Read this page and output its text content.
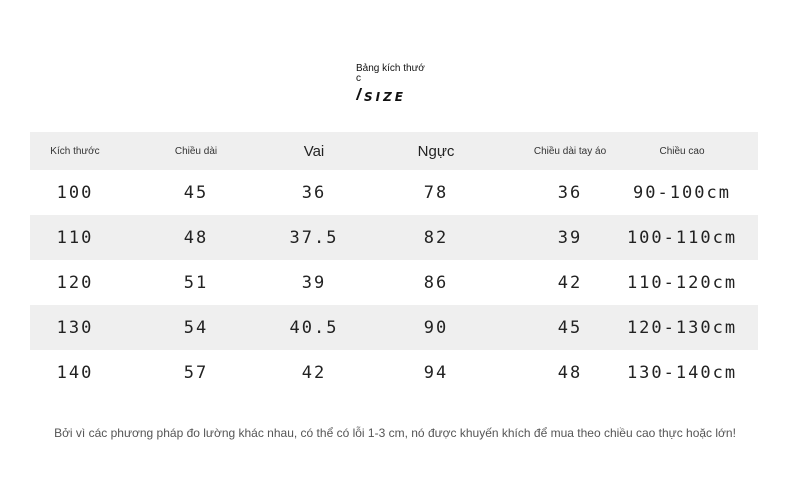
Bảng kích thướ
c
SIZE
Kích thước	Chiều dài	Vai	Ngực	Chiều dài tay áo	Chiều cao
100	45	36	78	36	90-100cm
110	48	37.5	82	39	100-110cm
120	51	39	86	42	110-120cm
130	54	40.5	90	45	120-130cm
140	57	42	94	48	130-140cm
Bởi vì các phương pháp đo lường khác nhau, có thể có lỗi 1-3 cm, nó được khuyến khích để mua theo chiều cao thực hoặc lớn!
